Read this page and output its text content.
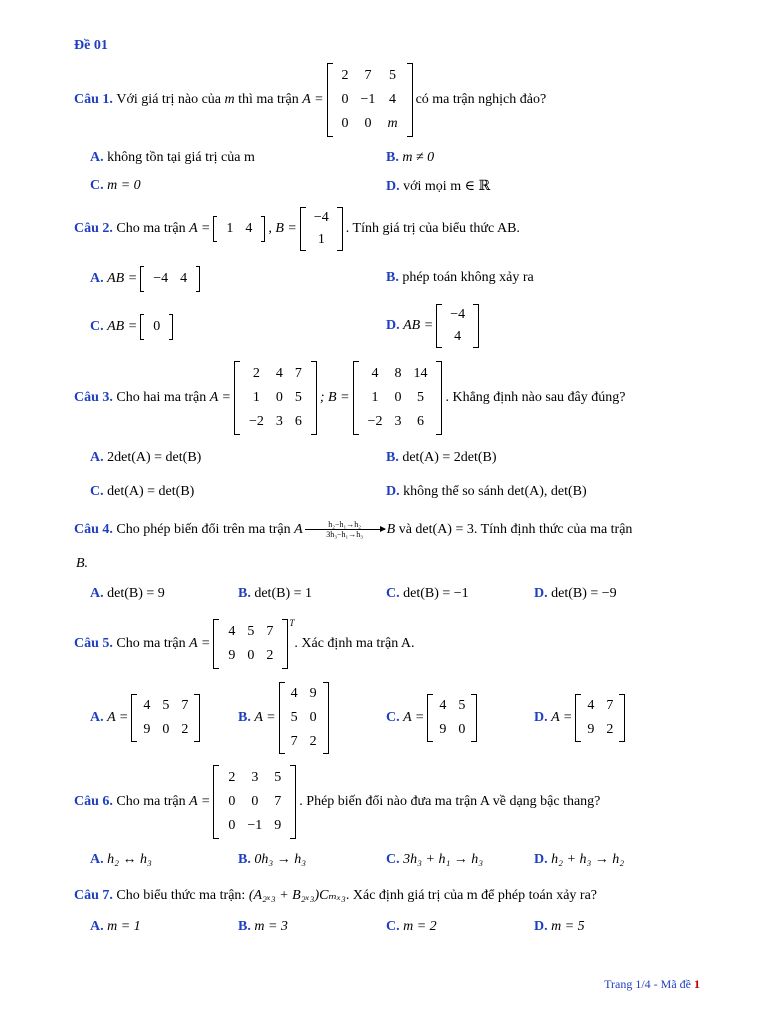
Đề 01
Câu 1.
Với giá trị nào của
m
thì ma trận
A =
2	7	5
0 −1 4
0	0	m
có ma trận nghịch đảo?
A.
không tồn tại giá trị của m	B.
m ≠ 0
C.
m = 0	D.
với mọi m ∈ ℝ
Câu 2.
Cho ma trận
A =	1 4	, B =
−4
1
. Tính giá trị của biểu thức AB.
A.
AB =	−4 4	B.
phép toán không xảy ra
C.
AB =	0	D.
AB =
−4
4
Câu 3.
Cho hai ma trận
A =
2	4 7
1	0 5
−2 3 6
; B =
4	8 14
1	0	5
−2 3	6
. Khẳng định nào sau đây đúng?
A.
2det(A) = det(B)	B.
det(A) = 2det(B)
C.
det(A) = det(B)	D.
không thể so sánh det(A), det(B)
Câu 4.
Cho phép biến đổi trên ma trận
A	h₂−h₁→h₂
3h₃−h₁→h₃ B
và det(A) = 3. Tính định thức của ma trận
B.
A.
det(B) = 9	B.
det(B) = 1	C.
det(B) = −1	D.
det(B) = −9
Câu 5.
Cho ma trận
A =
4 5 7
9 0 2
$^T$
. Xác định ma trận A.
A.
A =
4 5 7
9 0 2
B.
A =
4 9
5 0
7 2
C.
A =
4 5
9 0
D.
A =
4 7
9 2
Câu 6.
Cho ma trận
A =
2	3	5
0	0	7
0 −1 9
. Phép biến đổi nào đưa ma trận A về dạng bậc thang?
A.
h₂ ↔ h₃	B.
0h₃ → h₃	C.
3h₃ + h₁ → h₃	D.
h₂ + h₃ → h₂
Câu 7.
Cho biểu thức ma trận:
(A₂ₓ₃ + B₂ₓ₃)Cₘₓ₃ . Xác định giá trị của m để phép toán xảy ra?
A.
m = 1	B.
m = 3	C.
m = 2	D.
m = 5
Trang 1/4 - Mã đề 1
